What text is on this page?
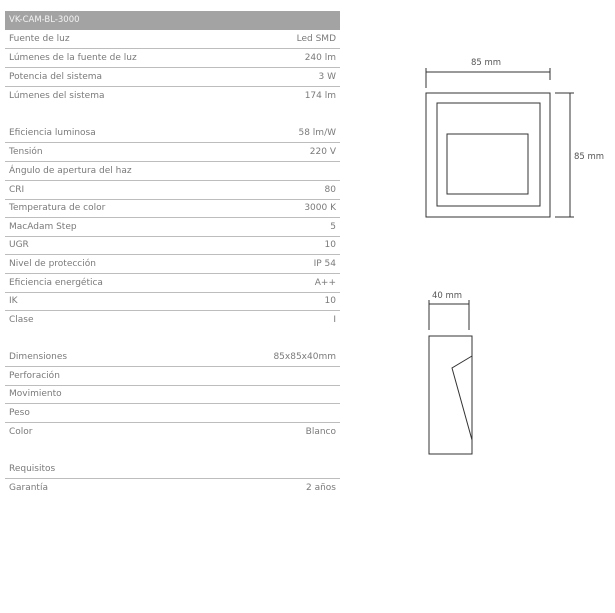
VK-CAM-BL-3000
Fuente de luz	Led SMD
Lúmenes de la fuente de luz	240 lm
Potencia del sistema	3 W
Lúmenes del sistema	174 lm
Eficiencia luminosa	58 lm/W
Tensión	220 V
Ángulo de apertura del haz
CRI	80
Temperatura de color	3000 K
MacAdam Step	5
UGR	10
Nivel de protección	IP 54
Eficiencia energética	A++
IK	10
Clase	I
Dimensiones	85x85x40mm
Perforación
Movimiento
Peso
Color	Blanco
Requisitos
Garantía	2 años
85 mm
85 mm
40 mm
